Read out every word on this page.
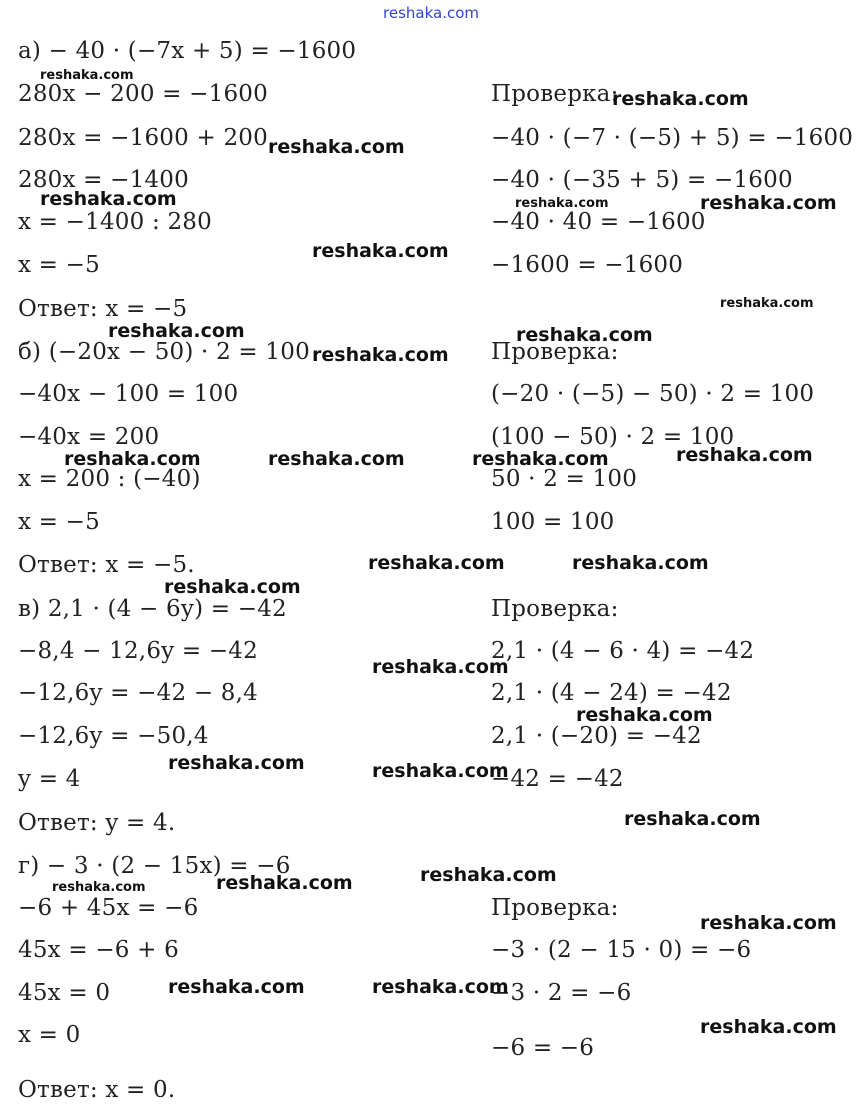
reshaka.com
а) − 40 · (−7x + 5) = −1600
280x − 200 = −1600
280x = −1600 + 200
280x = −1400
x = −1400 : 280
x = −5
Ответ: x = −5
Проверка:
−40 · (−7 · (−5) + 5) = −1600
−40 · (−35 + 5) = −1600
−40 · 40 = −1600
−1600 = −1600
б) (−20x − 50) · 2 = 100
−40x − 100 = 100
−40x = 200
x = 200 : (−40)
x = −5
Ответ: x = −5.
Проверка:
(−20 · (−5) − 50) · 2 = 100
(100 − 50) · 2 = 100
50 · 2 = 100
100 = 100
в) 2,1 · (4 − 6y) = −42
−8,4 − 12,6y = −42
−12,6y = −42 − 8,4
−12,6y = −50,4
y = 4
Ответ: y = 4.
Проверка:
2,1 · (4 − 6 · 4) = −42
2,1 · (4 − 24) = −42
2,1 · (−20) = −42
−42 = −42
г) − 3 · (2 − 15x) = −6
−6 + 45x = −6
45x = −6 + 6
45x = 0
x = 0
Ответ: x = 0.
Проверка:
−3 · (2 − 15 · 0) = −6
−3 · 2 = −6
−6 = −6
reshaka.com
reshaka.com
reshaka.com
reshaka.com	reshaka.com	reshaka.com
reshaka.com
reshaka.com
reshaka.com	reshaka.com
reshaka.com
reshaka.com
reshaka.com	reshaka.com	reshaka.com
reshaka.com	reshaka.com
reshaka.com
reshaka.com
reshaka.com
reshaka.com	reshaka.com
reshaka.com
reshaka.com
reshaka.com	reshaka.com
reshaka.com
reshaka.com	reshaka.com
reshaka.com
